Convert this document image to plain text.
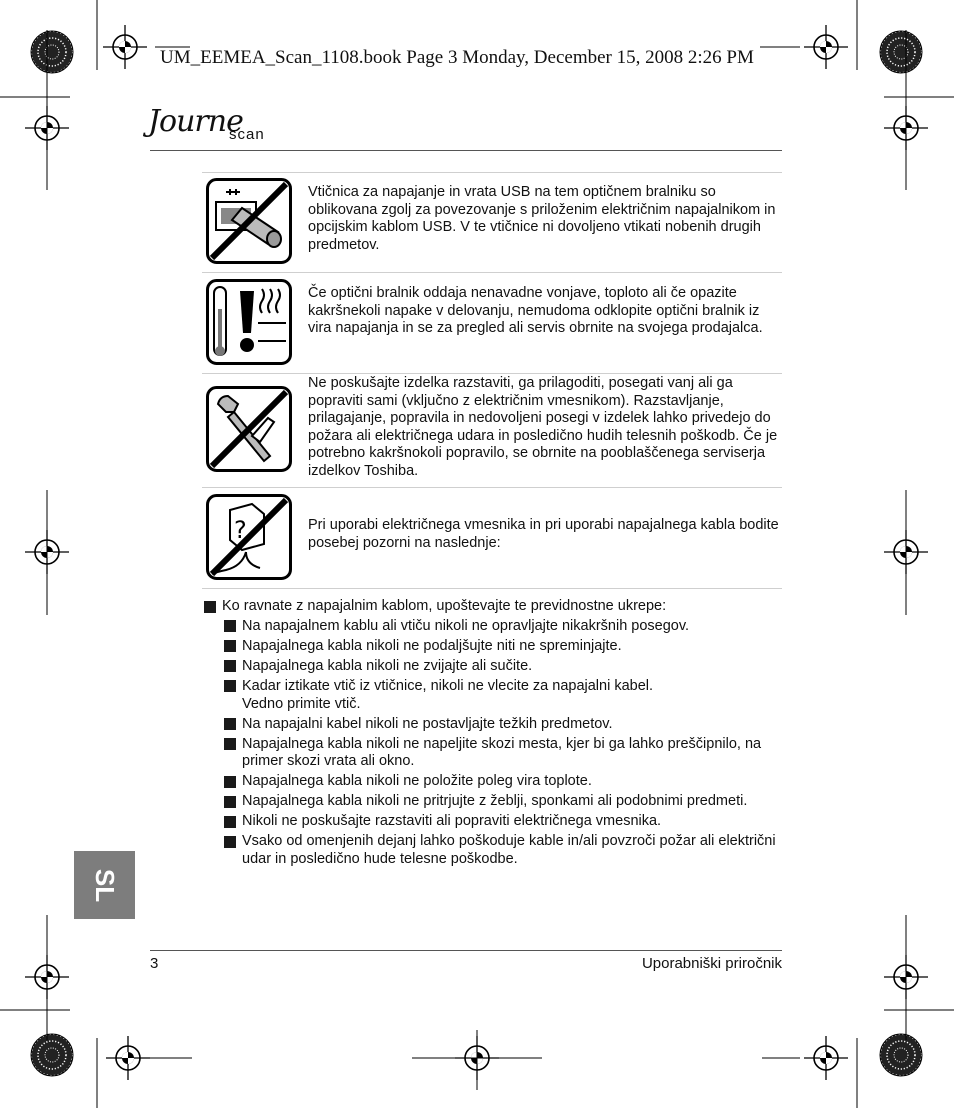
UM_EEMEA_Scan_1108.book Page 3 Monday, December 15, 2008 2:26 PM
Journe
scan
?
Vtičnica za napajanje in vrata USB na tem optičnem bralniku so oblikovana zgolj za povezovanje s priloženim električnim napajalnikom in opcijskim kablom USB. V te vtičnice ni dovoljeno vtikati nobenih drugih predmetov.
Če optični bralnik oddaja nenavadne vonjave, toploto ali če opazite kakršnekoli napake v delovanju, nemudoma odklopite optični bralnik iz vira napajanja in se za pregled ali servis obrnite na svojega prodajalca.
Ne poskušajte izdelka razstaviti, ga prilagoditi, posegati vanj ali ga popraviti sami (vključno z električnim vmesnikom). Razstavljanje, prilagajanje, popravila in nedovoljeni posegi v izdelek lahko privedejo do požara ali električnega udara in posledično hudih telesnih poškodb. Če je potrebno kakršnokoli popravilo, se obrnite na pooblaščenega serviserja izdelkov Toshiba.
Pri uporabi električnega vmesnika in pri uporabi napajalnega kabla bodite posebej pozorni na naslednje:
Ko ravnate z napajalnim kablom, upoštevajte te previdnostne ukrepe:
Na napajalnem kablu ali vtiču nikoli ne opravljajte nikakršnih posegov.
Napajalnega kabla nikoli ne podaljšujte niti ne spreminjajte.
Napajalnega kabla nikoli ne zvijajte ali sučite.
Kadar iztikate vtič iz vtičnice, nikoli ne vlecite za napajalni kabel.
Vedno primite vtič.
Na napajalni kabel nikoli ne postavljajte težkih predmetov.
Napajalnega kabla nikoli ne napeljite skozi mesta, kjer bi ga lahko preščipnilo, na primer skozi vrata ali okno.
Napajalnega kabla nikoli ne položite poleg vira toplote.
Napajalnega kabla nikoli ne pritrjujte z žeblji, sponkami ali podobnimi predmeti.
Nikoli ne poskušajte razstaviti ali popraviti električnega vmesnika.
Vsako od omenjenih dejanj lahko poškoduje kable in/ali povzroči požar ali električni udar in posledično hude telesne poškodbe.
SL
3	Uporabniški priročnik
